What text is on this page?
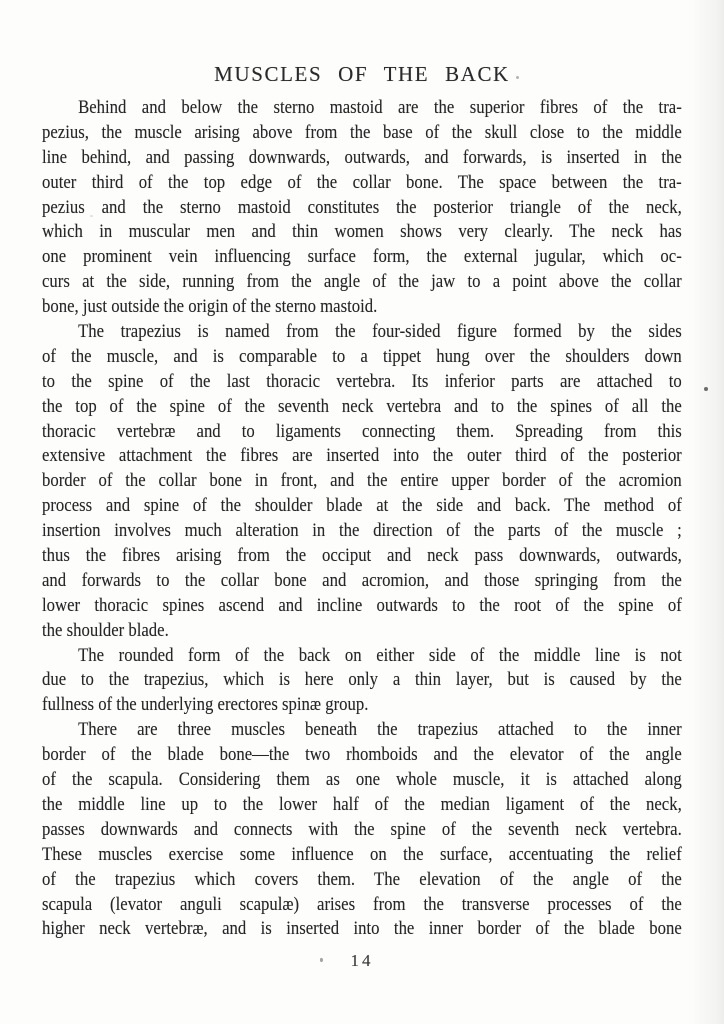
MUSCLES OF THE BACK
Behind and below the sterno mastoid are the superior fibres of the tra-
pezius, the muscle arising above from the base of the skull close to the middle
line behind, and passing downwards, outwards, and forwards, is inserted in the
outer third of the top edge of the collar bone. The space between the tra-
pezius and the sterno mastoid constitutes the posterior triangle of the neck,
which in muscular men and thin women shows very clearly. The neck has
one prominent vein influencing surface form, the external jugular, which oc-
curs at the side, running from the angle of the jaw to a point above the collar
bone, just outside the origin of the sterno mastoid.
The trapezius is named from the four-sided figure formed by the sides
of the muscle, and is comparable to a tippet hung over the shoulders down
to the spine of the last thoracic vertebra. Its inferior parts are attached to
the top of the spine of the seventh neck vertebra and to the spines of all the
thoracic vertebræ and to ligaments connecting them. Spreading from this
extensive attachment the fibres are inserted into the outer third of the posterior
border of the collar bone in front, and the entire upper border of the acromion
process and spine of the shoulder blade at the side and back. The method of
insertion involves much alteration in the direction of the parts of the muscle ;
thus the fibres arising from the occiput and neck pass downwards, outwards,
and forwards to the collar bone and acromion, and those springing from the
lower thoracic spines ascend and incline outwards to the root of the spine of
the shoulder blade.
The rounded form of the back on either side of the middle line is not
due to the trapezius, which is here only a thin layer, but is caused by the
fullness of the underlying erectores spinæ group.
There are three muscles beneath the trapezius attached to the inner
border of the blade bone—the two rhomboids and the elevator of the angle
of the scapula. Considering them as one whole muscle, it is attached along
the middle line up to the lower half of the median ligament of the neck,
passes downwards and connects with the spine of the seventh neck vertebra.
These muscles exercise some influence on the surface, accentuating the relief
of the trapezius which covers them. The elevation of the angle of the
scapula (levator anguli scapulæ) arises from the transverse processes of the
higher neck vertebræ, and is inserted into the inner border of the blade bone
14
